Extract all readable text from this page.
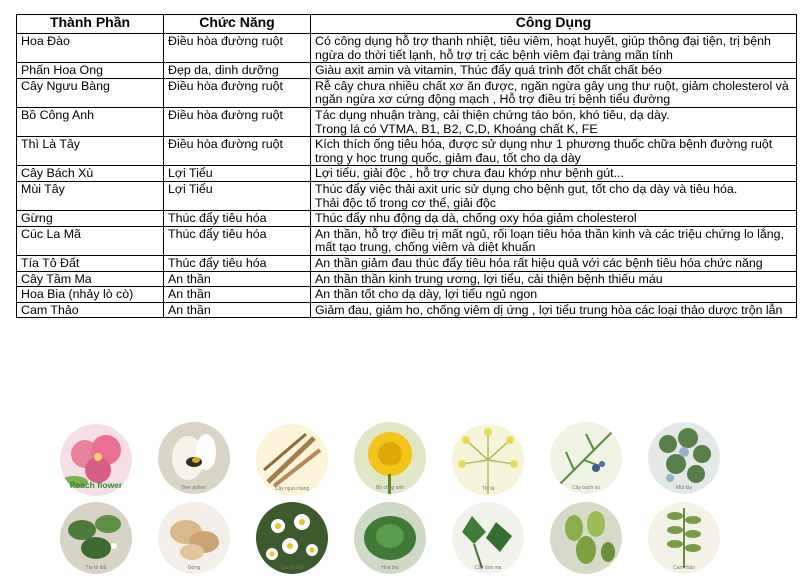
Thành Phần	Chức Năng	Công Dụng
Hoa Đào	Điều hòa đường ruột	Có công dụng hỗ trợ thanh nhiệt, tiêu viêm, hoạt huyết, giúp thông đại tiện, trị bệnh ngừa do thời tiết lạnh, hỗ trợ trị các bệnh viêm đại tràng mãn tính
Phấn Hoa Ong	Đẹp da, dinh dưỡng	Giàu axit amin và vitamin, Thúc đẩy quá trình đốt chất chất béo
Cây Ngưu Bàng	Điều hòa đường ruột	Rễ cây chưa nhiều chất xơ ăn được, ngăn ngừa gây ung thư ruột, giảm cholesterol và ngăn ngừa xơ cứng động mạch , Hỗ trợ điều trị bệnh tiểu đường
Bồ Công Anh	Điều hòa đường ruột	Tác dụng nhuận tràng, cải thiện chứng táo bón, khó tiêu, dạ dày.
Trong lá có VTMA, B1, B2, C,D, Khoáng chất K, FE
Thì Là Tây	Điều hòa đường ruột	Kích thích ống tiêu hóa, được sử dụng như 1 phương thuốc chữa bệnh đường ruột trong y học trung quốc, giảm đau, tốt cho dạ dày
Cây Bách Xù	Lợi Tiểu	Lợi tiểu, giải độc , hỗ trợ chưa đau khớp như bệnh gút...
Mùi Tây	Lợi Tiểu	Thúc đẩy việc thải axit uric sử dụng cho bệnh gut, tốt cho dạ dày và tiêu hóa.
Thải độc tố trong cơ thể, giải độc
Gừng	Thúc đẩy tiêu hóa	Thúc đẩy nhu động dạ dà, chống oxy hóa giảm cholesterol
Cúc La Mã	Thúc đẩy tiêu hóa	An thần, hỗ trợ điều trị mất ngủ, rối loạn tiêu hóa thần kinh và các triệu chứng lo lắng, mất tạo trung, chống viêm và diệt khuẩn
Tía Tô Đất	Thúc đẩy tiêu hóa	An thần giảm đau thúc đẩy tiêu hóa rất hiệu quả với các bệnh tiêu hóa chức năng
Cây Tầm Ma	An thần	An thần thần kinh trung ương, lợi tiểu, cải thiện bệnh thiếu máu
Hoa Bia (nhảy lò cò)	An thần	An thần tốt cho dạ dày, lợi tiểu ngủ ngon
Cam Thảo	An thần	Giảm đau, giảm ho, chống viêm dị ứng , lợi tiểu trung hòa các loại thảo dược trộn lẫn
Peach flower	Bee pollen	Cây ngưu bàng	Bồ công anh	Thì là	Cây bách xù	Mùi tây
Tía tô đất	Gừng	Cúc la mã	Hoa bia	Cây tầm ma	Cam thảo
